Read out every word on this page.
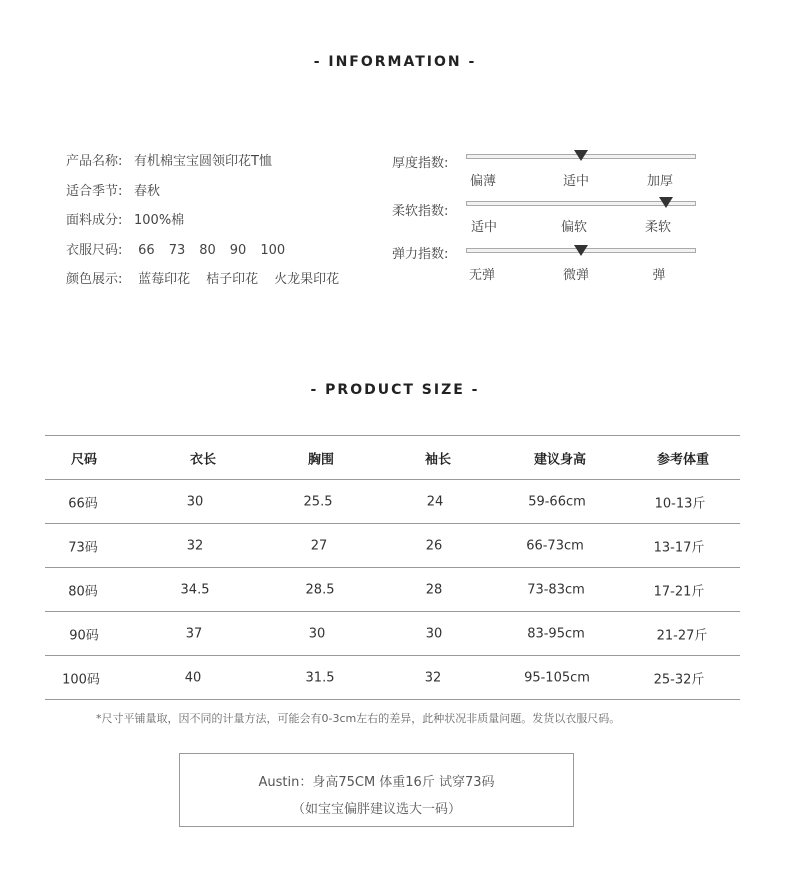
- INFORMATION -
产品名称: 有机棉宝宝圆领印花T恤
适合季节: 春秋
面料成分: 100%棉
衣服尺码: 66 73 80 90 100
颜色展示: 蓝莓印花 桔子印花 火龙果印花
厚度指数:
偏薄	适中	加厚
柔软指数:
适中	偏软	柔软
弹力指数:
无弹	微弹	弹
- PRODUCT SIZE -
尺码	衣长	胸围	袖长	建议身高	参考体重
66码	30	25.5	24	59-66cm	10-13斤
73码	32	27	26	66-73cm	13-17斤
80码	34.5	28.5	28	73-83cm	17-21斤
90码	37	30	30	83-95cm	21-27斤
100码	40	31.5	32	95-105cm	25-32斤
*尺寸平铺量取，因不同的计量方法，可能会有0-3cm左右的差异，此种状况非质量问题。发货以衣服尺码。
Austin：身高75CM 体重16斤 试穿73码
（如宝宝偏胖建议选大一码）
